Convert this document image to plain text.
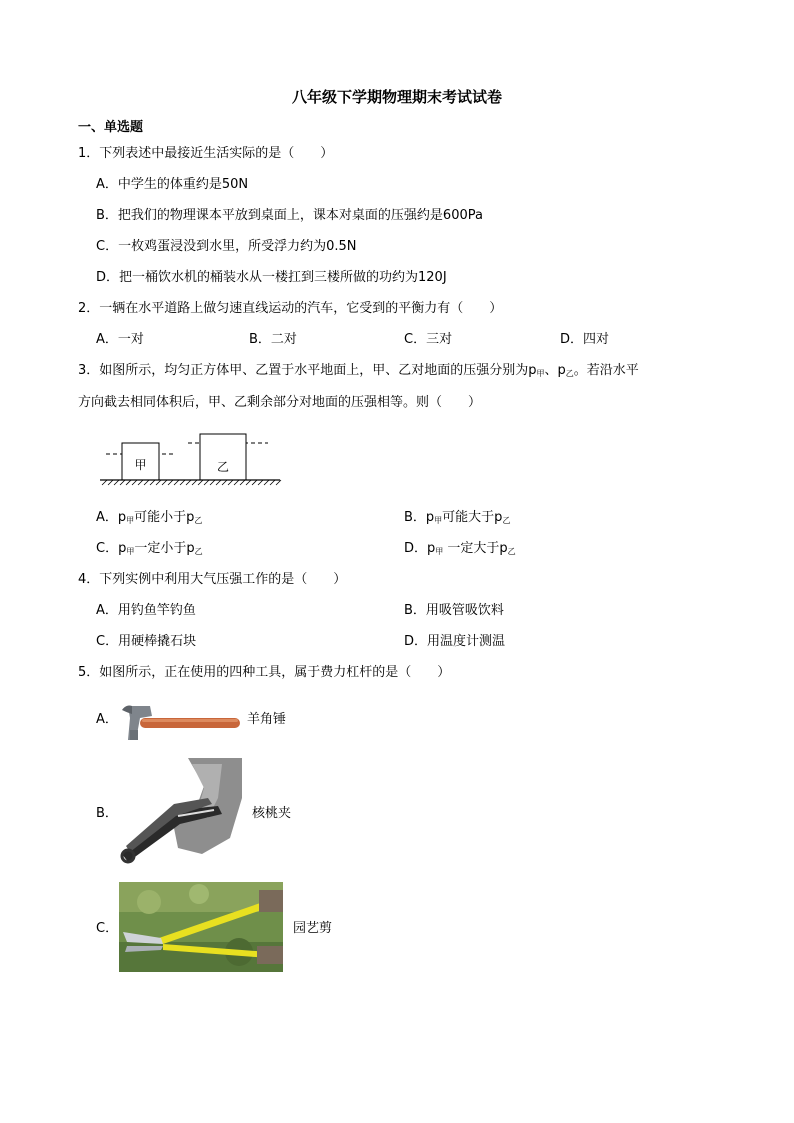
八年级下学期物理期末考试试卷
一、单选题
1．下列表述中最接近生活实际的是（　　）
A．中学生的体重约是50N
B．把我们的物理课本平放到桌面上，课本对桌面的压强约是600Pa
C．一枚鸡蛋浸没到水里，所受浮力约为0.5N
D．把一桶饮水机的桶装水从一楼扛到三楼所做的功约为120J
2．一辆在水平道路上做匀速直线运动的汽车，它受到的平衡力有（　　）
A．一对	B．二对	C．三对	D．四对
3．如图所示，均匀正方体甲、乙置于水平地面上，甲、乙对地面的压强分别为$p_甲$、$p_乙$。若沿水平
方向截去相同体积后，甲、乙剩余部分对地面的压强相等。则（　　）
甲	乙
A．$p_甲$可能小于$p_乙$	B．$p_甲$可能大于$p_乙$
C．$p_甲$一定小于$p_乙$	D．$p_甲$ 一定大于$p_乙$
4．下列实例中利用大气压强工作的是（　　）
A．用钓鱼竿钓鱼	B．用吸管吸饮料
C．用硬棒撬石块	D．用温度计测温
5．如图所示，正在使用的四种工具，属于费力杠杆的是（　　）
A．	羊角锤
B．	核桃夹
C．	园艺剪
